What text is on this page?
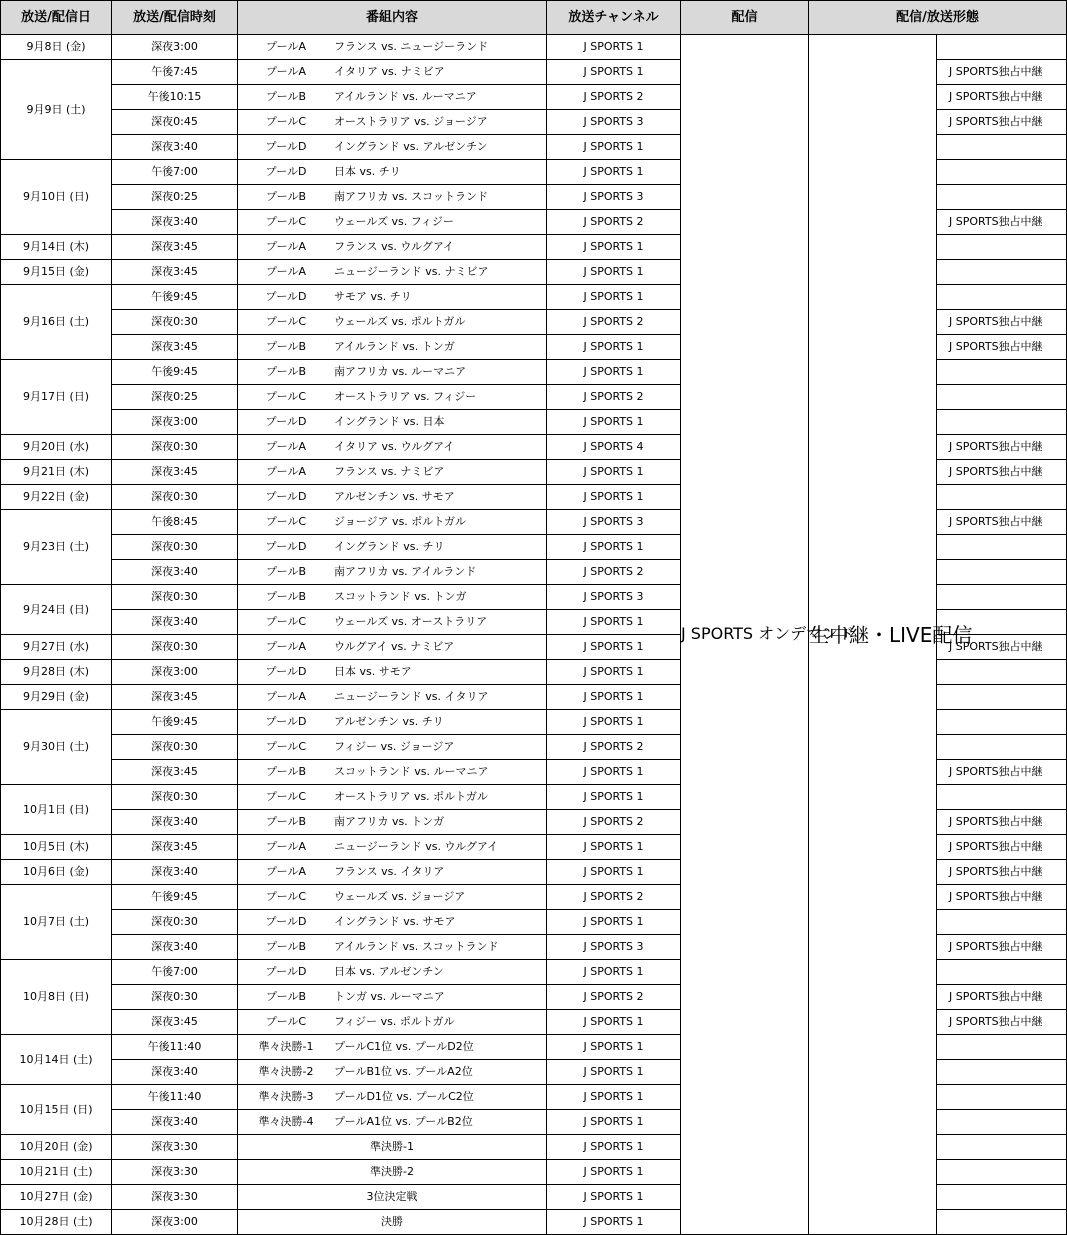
放送/配信日	放送/配信時刻	番組内容	放送チャンネル	配信	配信/放送形態	
9月8日 (金)	深夜3:00	プールA フランス vs. ニュージーランド	J SPORTS 1	J SPORTS オンデマンド	生中継・LIVE配信	
9月9日 (土)	午後7:45	プールA イタリア vs. ナミビア	J SPORTS 1			J SPORTS独占中継
	午後10:15	プールB アイルランド vs. ルーマニア	J SPORTS 2			J SPORTS独占中継
	深夜0:45	プールC オーストラリア vs. ジョージア	J SPORTS 3			J SPORTS独占中継
	深夜3:40	プールD イングランド vs. アルゼンチン	J SPORTS 1			
9月10日 (日)	午後7:00	プールD 日本 vs. チリ	J SPORTS 1			
	深夜0:25	プールB 南アフリカ vs. スコットランド	J SPORTS 3			
	深夜3:40	プールC ウェールズ vs. フィジー	J SPORTS 2			J SPORTS独占中継
9月14日 (木)	深夜3:45	プールA フランス vs. ウルグアイ	J SPORTS 1			
9月15日 (金)	深夜3:45	プールA ニュージーランド vs. ナミビア	J SPORTS 1			
9月16日 (土)	午後9:45	プールD サモア vs. チリ	J SPORTS 1			
	深夜0:30	プールC ウェールズ vs. ポルトガル	J SPORTS 2			J SPORTS独占中継
	深夜3:45	プールB アイルランド vs. トンガ	J SPORTS 1			J SPORTS独占中継
9月17日 (日)	午後9:45	プールB 南アフリカ vs. ルーマニア	J SPORTS 1			
	深夜0:25	プールC オーストラリア vs. フィジー	J SPORTS 2			
	深夜3:00	プールD イングランド vs. 日本	J SPORTS 1			
9月20日 (水)	深夜0:30	プールA イタリア vs. ウルグアイ	J SPORTS 4			J SPORTS独占中継
9月21日 (木)	深夜3:45	プールA フランス vs. ナミビア	J SPORTS 1			J SPORTS独占中継
9月22日 (金)	深夜0:30	プールD アルゼンチン vs. サモア	J SPORTS 1			
9月23日 (土)	午後8:45	プールC ジョージア vs. ポルトガル	J SPORTS 3			J SPORTS独占中継
	深夜0:30	プールD イングランド vs. チリ	J SPORTS 1			
	深夜3:40	プールB 南アフリカ vs. アイルランド	J SPORTS 2			
9月24日 (日)	深夜0:30	プールB スコットランド vs. トンガ	J SPORTS 3			
	深夜3:40	プールC ウェールズ vs. オーストラリア	J SPORTS 1			
9月27日 (水)	深夜0:30	プールA ウルグアイ vs. ナミビア	J SPORTS 1			J SPORTS独占中継
9月28日 (木)	深夜3:00	プールD 日本 vs. サモア	J SPORTS 1			
9月29日 (金)	深夜3:45	プールA ニュージーランド vs. イタリア	J SPORTS 1			
9月30日 (土)	午後9:45	プールD アルゼンチン vs. チリ	J SPORTS 1			
	深夜0:30	プールC フィジー vs. ジョージア	J SPORTS 2			
	深夜3:45	プールB スコットランド vs. ルーマニア	J SPORTS 1			J SPORTS独占中継
10月1日 (日)	深夜0:30	プールC オーストラリア vs. ポルトガル	J SPORTS 1			
	深夜3:40	プールB 南アフリカ vs. トンガ	J SPORTS 2			J SPORTS独占中継
10月5日 (木)	深夜3:45	プールA ニュージーランド vs. ウルグアイ	J SPORTS 1			J SPORTS独占中継
10月6日 (金)	深夜3:40	プールA フランス vs. イタリア	J SPORTS 1			J SPORTS独占中継
10月7日 (土)	午後9:45	プールC ウェールズ vs. ジョージア	J SPORTS 2			J SPORTS独占中継
	深夜0:30	プールD イングランド vs. サモア	J SPORTS 1			
	深夜3:40	プールB アイルランド vs. スコットランド	J SPORTS 3			J SPORTS独占中継
10月8日 (日)	午後7:00	プールD 日本 vs. アルゼンチン	J SPORTS 1			
	深夜0:30	プールB トンガ vs. ルーマニア	J SPORTS 2			J SPORTS独占中継
	深夜3:45	プールC フィジー vs. ポルトガル	J SPORTS 1			J SPORTS独占中継
10月14日 (土)	午後11:40	準々決勝-1 プールC1位 vs. プールD2位	J SPORTS 1			
	深夜3:40	準々決勝-2 プールB1位 vs. プールA2位	J SPORTS 1			
10月15日 (日)	午後11:40	準々決勝-3 プールD1位 vs. プールC2位	J SPORTS 1			
	深夜3:40	準々決勝-4 プールA1位 vs. プールB2位	J SPORTS 1			
10月20日 (金)	深夜3:30	準決勝-1	J SPORTS 1			
10月21日 (土)	深夜3:30	準決勝-2	J SPORTS 1			
10月27日 (金)	深夜3:30	3位決定戦	J SPORTS 1			
10月28日 (土)	深夜3:00	決勝	J SPORTS 1			
